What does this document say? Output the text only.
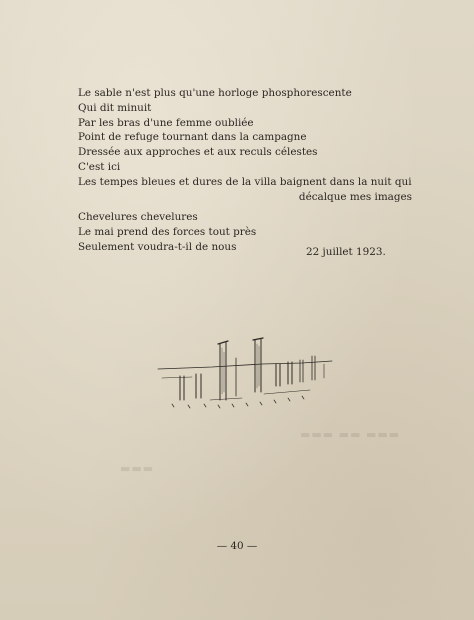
▬▬▬ ▬▬ ▬▬▬
▬▬▬
Le sable n'est plus qu'une horloge phosphorescente
Qui dit minuit
Par les bras d'une femme oubliée
Point de refuge tournant dans la campagne
Dressée aux approches et aux reculs célestes
C'est ici
Les tempes bleues et dures de la villa baignent dans la nuit qui
décalque mes images
Chevelures chevelures
Le mai prend des forces tout près
Seulement voudra-t-il de nous	22 juillet 1923.
— 40 —
